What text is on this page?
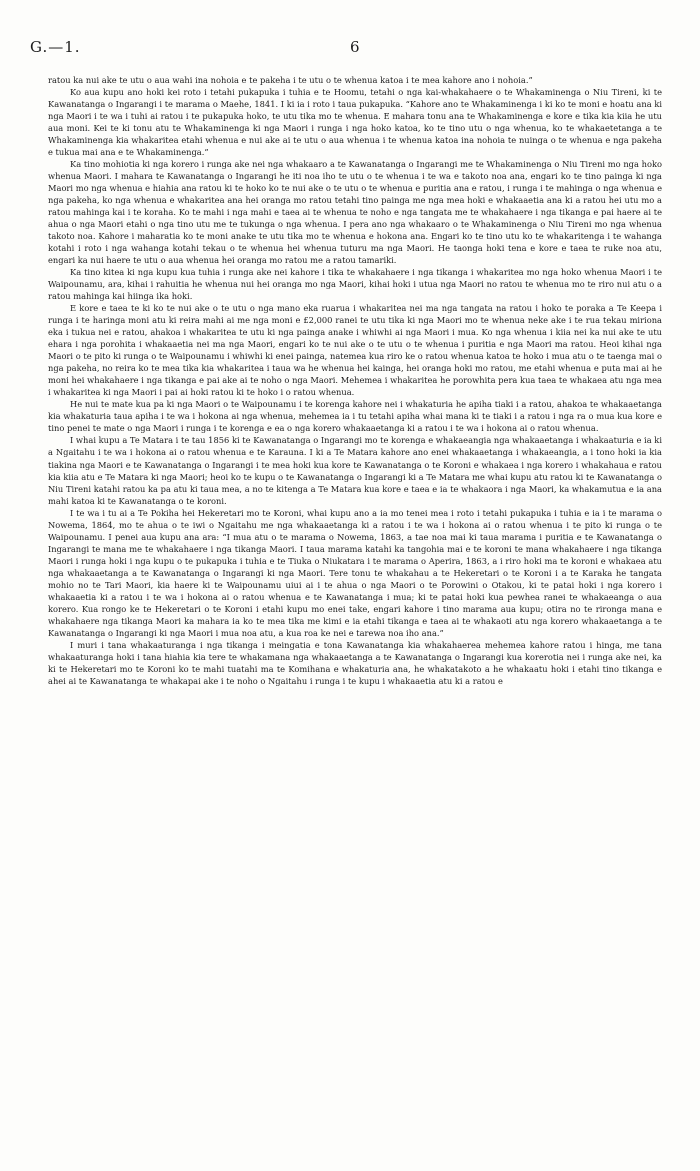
G.—1.	6

ratou ka nui ake te utu o aua wahi ina nohoia e te pakeha i te utu o te whenua katoa i te mea kahore ano i nohoia.”

Ko aua kupu ano hoki kei roto i tetahi pukapuka i tuhia e te Hoomu, tetahi o nga kai-whakahaere o te Whakaminenga o Niu Tireni, ki te Kawanatanga o Ingarangi i te marama o Maehe, 1841. I ki ia i roto i taua pukapuka. “Kahore ano te Whakaminenga i ki ko te moni e hoatu ana ki nga Maori i te wa i tuhi ai ratou i te pukapuka hoko, te utu tika mo te whenua. E mahara tonu ana te Whakaminenga e kore e tika kia kiia he utu aua moni. Kei te ki tonu atu te Whakaminenga ki nga Maori i runga i nga hoko katoa, ko te tino utu o nga whenua, ko te whakaetetanga a te Whakaminenga kia whakaritea etahi whenua e nui ake ai te utu o aua whenua i te whenua katoa ina nohoia te nuinga o te whenua e nga pakeha e tukua mai ana e te Whakaminenga.”

Ka tino mohiotia ki nga korero i runga ake nei nga whakaaro a te Kawanatanga o Ingarangi me te Whakaminenga o Niu Tireni mo nga hoko whenua Maori. I mahara te Kawanatanga o Ingarangi he iti noa iho te utu o te whenua i te wa e takoto noa ana, engari ko te tino painga ki nga Maori mo nga whenua e hiahia ana ratou ki te hoko ko te nui ake o te utu o te whenua e puritia ana e ratou, i runga i te mahinga o nga whenua e nga pakeha, ko nga whenua e whakaritea ana hei oranga mo ratou tetahi tino painga me nga mea hoki e whakaaetia ana ki a ratou hei utu mo a ratou mahinga kai i te koraha. Ko te mahi i nga mahi e taea ai te whenua te noho e nga tangata me te whakahaere i nga tikanga e pai haere ai te ahua o nga Maori etahi o nga tino utu me te tukunga o nga whenua. I pera ano nga whakaaro o te Whakaminenga o Niu Tireni mo nga whenua takoto noa. Kahore i maharatia ko te moni anake te utu tika mo te whenua e hokona ana. Engari ko te tino utu ko te whakaritenga i te wahanga kotahi i roto i nga wahanga kotahi tekau o te whenua hei whenua tuturu ma nga Maori. He taonga hoki tena e kore e taea te ruke noa atu, engari ka nui haere te utu o aua whenua hei oranga mo ratou me a ratou tamariki.

Ka tino kitea ki nga kupu kua tuhia i runga ake nei kahore i tika te whakahaere i nga tikanga i whakaritea mo nga hoko whenua Maori i te Waipounamu, ara, kihai i rahuitia he whenua nui hei oranga mo nga Maori, kihai hoki i utua nga Maori no ratou te whenua mo te riro nui atu o a ratou mahinga kai hiinga ika hoki.

E kore e taea te ki ko te nui ake o te utu o nga mano eka ruarua i whakaritea nei ma nga tangata na ratou i hoko te poraka a Te Keepa i runga i te haringa moni atu ki reira mahi ai me nga moni e £2,000 ranei te utu tika ki nga Maori mo te whenua neke ake i te rua tekau miriona eka i tukua nei e ratou, ahakoa i whakaritea te utu ki nga painga anake i whiwhi ai nga Maori i mua. Ko nga whenua i kiia nei ka nui ake te utu ehara i nga porohita i whakaaetia nei ma nga Maori, engari ko te nui ake o te utu o te whenua i puritia e nga Maori ma ratou. Heoi kihai nga Maori o te pito ki runga o te Waipounamu i whiwhi ki enei painga, natemea kua riro ke o ratou whenua katoa te hoko i mua atu o te taenga mai o nga pakeha, no reira ko te mea tika kia whakaritea i taua wa he whenua hei kainga, hei oranga hoki mo ratou, me etahi whenua e puta mai ai he moni hei whakahaere i nga tikanga e pai ake ai te noho o nga Maori. Mehemea i whakaritea he porowhita pera kua taea te whakaea atu nga mea i whakaritea ki nga Maori i pai ai hoki ratou ki te hoko i o ratou whenua.

He nui te mate kua pa ki nga Maori o te Waipounamu i te korenga kahore nei i whakaturia he apiha tiaki i a ratou, ahakoa te whakaaetanga kia whakaturia taua apiha i te wa i hokona ai nga whenua, mehemea ia i tu tetahi apiha whai mana ki te tiaki i a ratou i nga ra o mua kua kore e tino penei te mate o nga Maori i runga i te korenga e ea o nga korero whakaaetanga ki a ratou i te wa i hokona ai o ratou whenua.

I whai kupu a Te Matara i te tau 1856 ki te Kawanatanga o Ingarangi mo te korenga e whakaeangia nga whakaaetanga i whakaaturia e ia ki a Ngaitahu i te wa i hokona ai o ratou whenua e te Karauna. I ki a Te Matara kahore ano enei whakaaetanga i whakaeangia, a i tono hoki ia kia tiakina nga Maori e te Kawanatanga o Ingarangi i te mea hoki kua kore te Kawanatanga o te Koroni e whakaea i nga korero i whakahaua e ratou kia kiia atu e Te Matara ki nga Maori; heoi ko te kupu o te Kawanatanga o Ingarangi ki a Te Matara me whai kupu atu ratou ki te Kawanatanga o Niu Tireni katahi ratou ka pa atu ki taua mea, a no te kitenga a Te Matara kua kore e taea e ia te whakaora i nga Maori, ka whakamutua e ia ana mahi katoa ki te Kawanatanga o te koroni.

I te wa i tu ai a Te Pokiha hei Hekeretari mo te Koroni, whai kupu ano a ia mo tenei mea i roto i tetahi pukapuka i tuhia e ia i te marama o Nowema, 1864, mo te ahua o te iwi o Ngaitahu me nga whakaaetanga ki a ratou i te wa i hokona ai o ratou whenua i te pito ki runga o te Waipounamu. I penei aua kupu ana ara: “I mua atu o te marama o Nowema, 1863, a tae noa mai ki taua marama i puritia e te Kawanatanga o Ingarangi te mana me te whakahaere i nga tikanga Maori. I taua marama katahi ka tangohia mai e te koroni te mana whakahaere i nga tikanga Maori i runga hoki i nga kupu o te pukapuka i tuhia e te Tiuka o Niukatara i te marama o Aperira, 1863, a i riro hoki ma te koroni e whakaea atu nga whakaaetanga a te Kawanatanga o Ingarangi ki nga Maori. Tere tonu te whakahau a te Hekeretari o te Koroni i a te Karaka he tangata mohio no te Tari Maori, kia haere ki te Waipounamu uiui ai i te ahua o nga Maori o te Porowini o Otakou, ki te patai hoki i nga korero i whakaaetia ki a ratou i te wa i hokona ai o ratou whenua e te Kawanatanga i mua; ki te patai hoki kua pewhea ranei te whakaeanga o aua korero. Kua rongo ke te Hekeretari o te Koroni i etahi kupu mo enei take, engari kahore i tino marama aua kupu; otira no te rironga mana e whakahaere nga tikanga Maori ka mahara ia ko te mea tika me kimi e ia etahi tikanga e taea ai te whakaoti atu nga korero whakaaetanga a te Kawanatanga o Ingarangi ki nga Maori i mua noa atu, a kua roa ke nei e tarewa noa iho ana.”

I muri i tana whakaaturanga i nga tikanga i meingatia e tona Kawanatanga kia whakahaerea mehemea kahore ratou i hinga, me tana whakaaturanga hoki i tana hiahia kia tere te whakamana nga whakaaetanga a te Kawanatanga o Ingarangi kua korerotia nei i runga ake nei, ka ki te Hekeretari mo te Koroni ko te mahi tuatahi ma te Komihana e whakaturia ana, he whakatakoto a he whakaatu hoki i etahi tino tikanga e ahei ai te Kawanatanga te whakapai ake i te noho o Ngaitahu i runga i te kupu i whakaaetia atu ki a ratou e
